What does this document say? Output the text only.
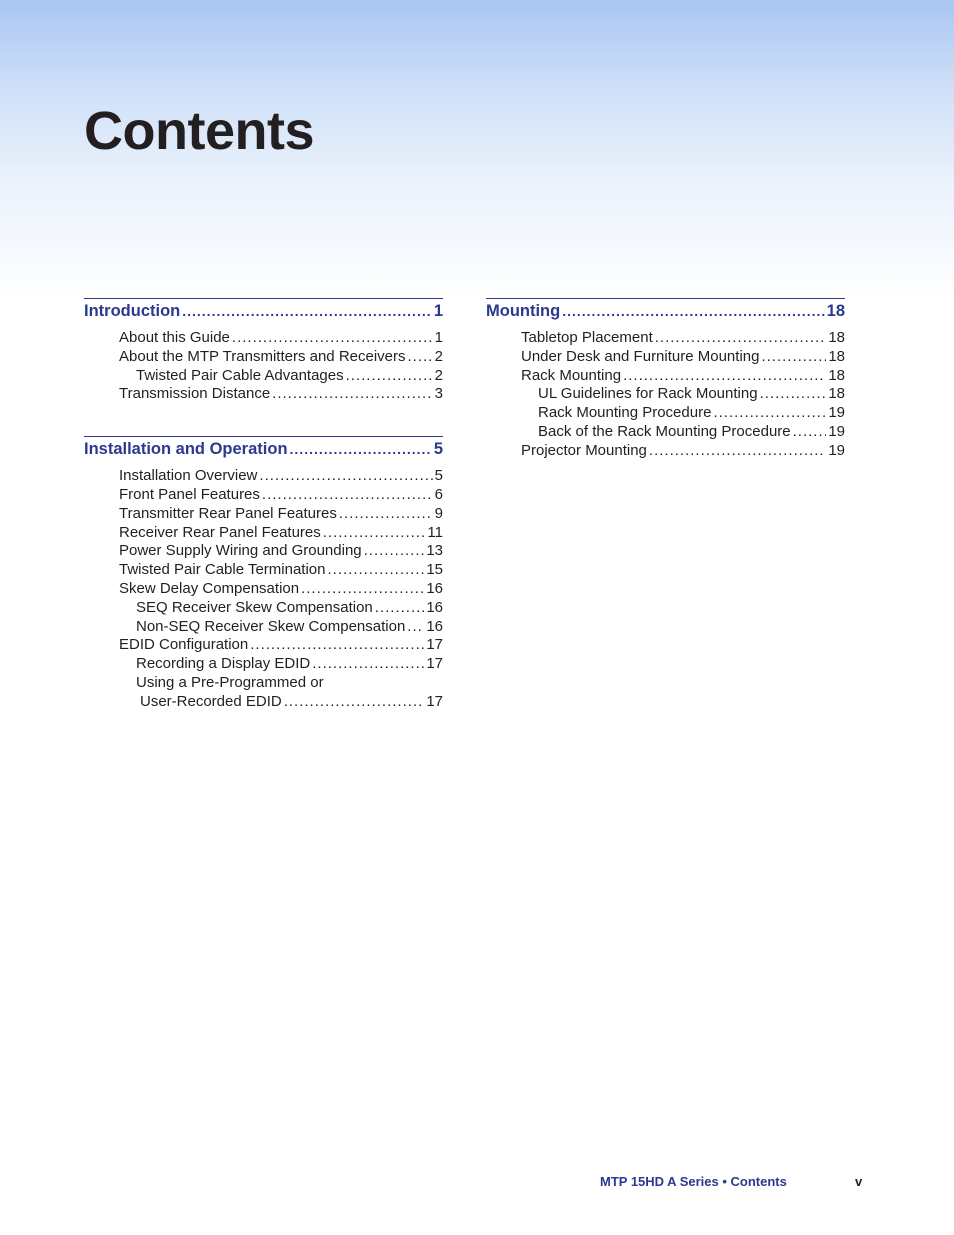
Contents
Introduction .....	1
About this Guide .....	1
About the MTP Transmitters and Receivers ..... 2
Twisted Pair Cable Advantages .....	2
Transmission Distance .....	3
Installation and Operation .....	5
Installation Overview .....	5
Front Panel Features .....	6
Transmitter Rear Panel Features .....	9
Receiver Rear Panel Features .....	11
Power Supply Wiring and Grounding .....	13
Twisted Pair Cable Termination .....	15
Skew Delay Compensation .....	16
SEQ Receiver Skew Compensation .....	16
Non-SEQ Receiver Skew Compensation ..... 16
EDID Configuration .....	17
Recording a Display EDID .....	17
Using a Pre-Programmed or
User-Recorded EDID .....	17
Mounting .....	18
Tabletop Placement .....	18
Under Desk and Furniture Mounting .....	18
Rack Mounting .....	18
UL Guidelines for Rack Mounting .....	18
Rack Mounting Procedure .....	19
Back of the Rack Mounting Procedure .....	19
Projector Mounting .....	19
MTP 15HD A Series • Contents	v
